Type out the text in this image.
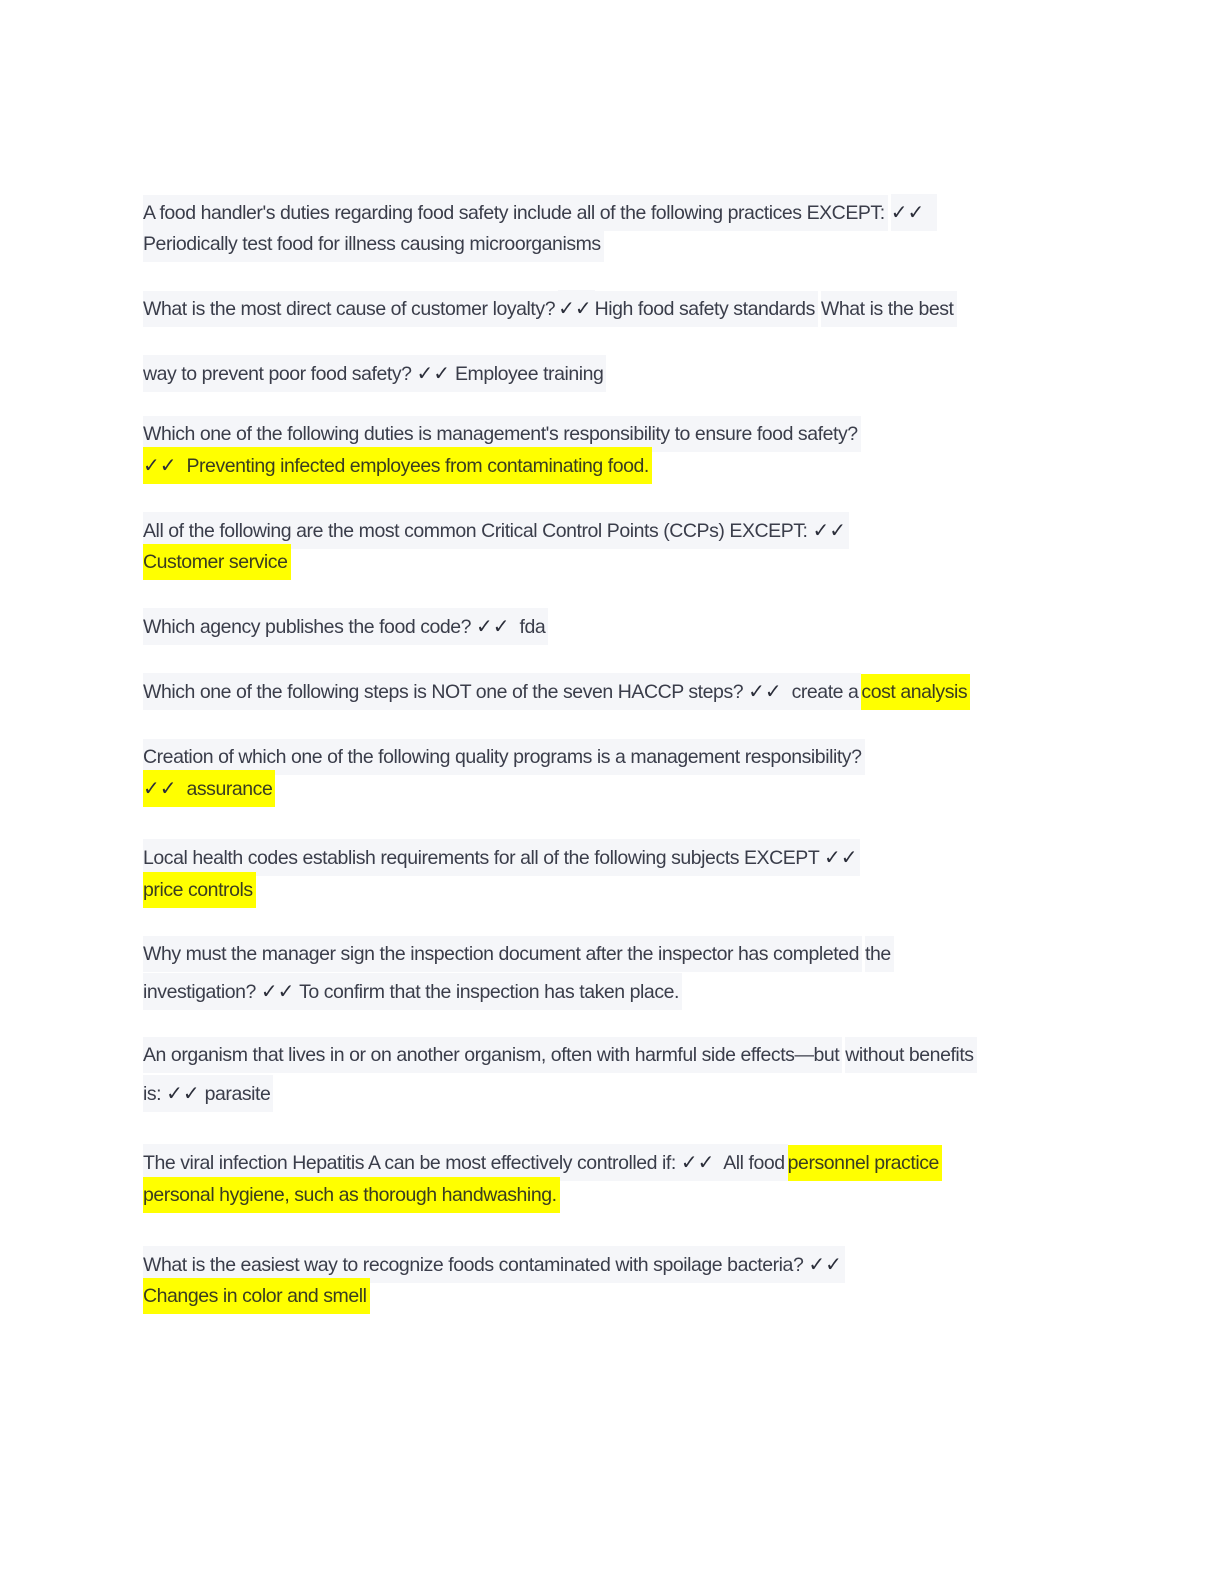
A food handler's duties regarding food safety include all of the following practices EXCEPT: ✓✓
Periodically test food for illness causing microorganisms
What is the most direct cause of customer loyalty? ✓✓ High food safety standards What is the best
way to prevent poor food safety? ✓✓ Employee training
Which one of the following duties is management's responsibility to ensure food safety?
✓✓ Preventing infected employees from contaminating food.
All of the following are the most common Critical Control Points (CCPs) EXCEPT: ✓✓
Customer service
Which agency publishes the food code? ✓✓ fda
Which one of the following steps is NOT one of the seven HACCP steps? ✓✓ create a cost analysis
Creation of which one of the following quality programs is a management responsibility?
✓✓ assurance
Local health codes establish requirements for all of the following subjects EXCEPT ✓✓
price controls
Why must the manager sign the inspection document after the inspector has completed the
investigation? ✓✓ To confirm that the inspection has taken place.
An organism that lives in or on another organism, often with harmful side effects—but without benefits
is: ✓✓ parasite
The viral infection Hepatitis A can be most effectively controlled if: ✓✓ All food personnel practice
personal hygiene, such as thorough handwashing.
What is the easiest way to recognize foods contaminated with spoilage bacteria? ✓✓
Changes in color and smell
